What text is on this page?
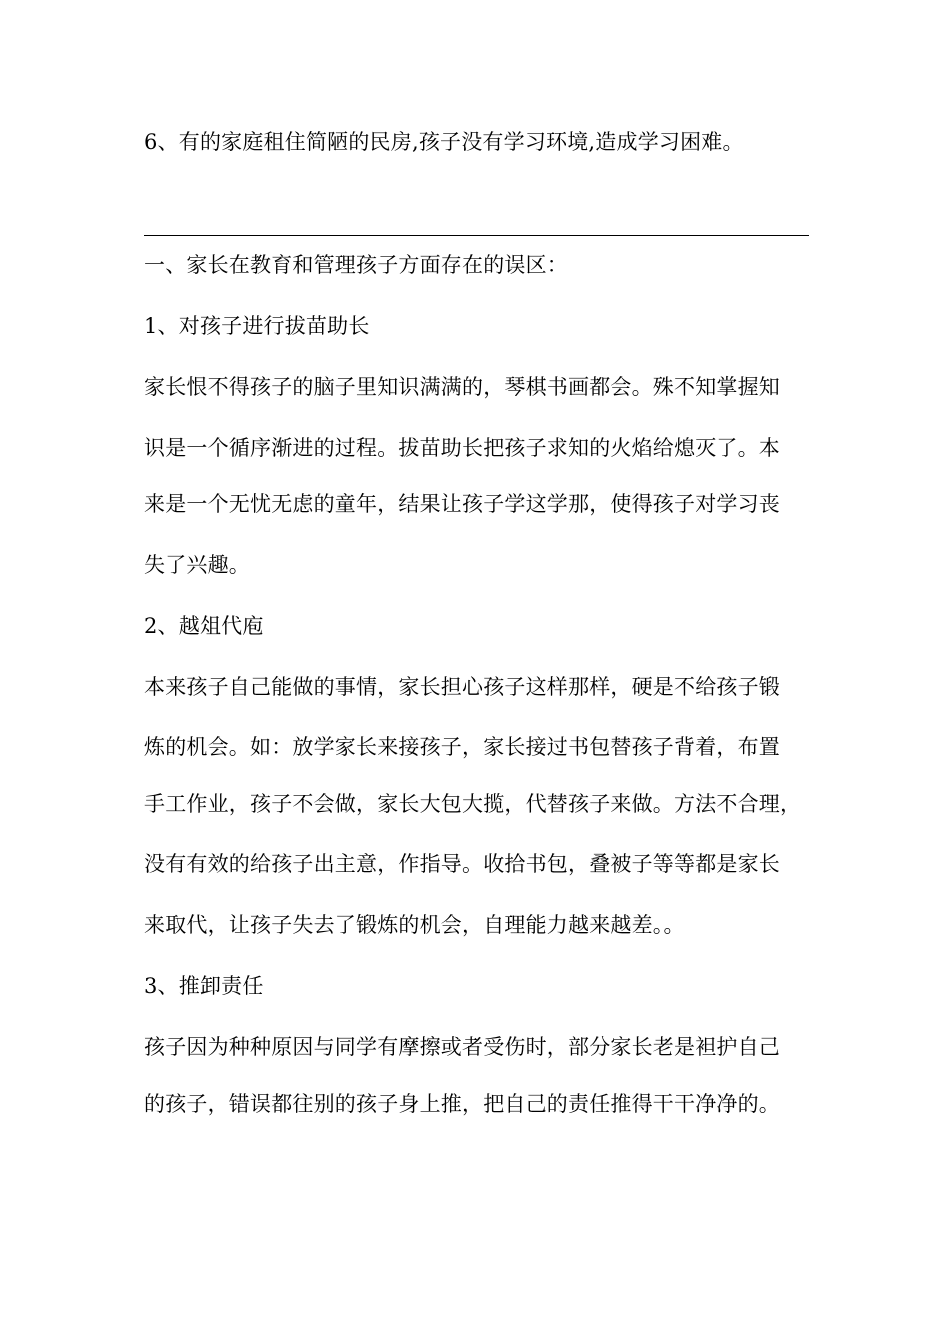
6、有的家庭租住简陋的民房,孩子没有学习环境,造成学习困难。
一、家长在教育和管理孩子方面存在的误区：
1、对孩子进行拔苗助长
家长恨不得孩子的脑子里知识满满的，琴棋书画都会。殊不知掌握知
识是一个循序渐进的过程。拔苗助长把孩子求知的火焰给熄灭了。本
来是一个无忧无虑的童年，结果让孩子学这学那，使得孩子对学习丧
失了兴趣。
2、越俎代庖
本来孩子自己能做的事情，家长担心孩子这样那样，硬是不给孩子锻
炼的机会。如：放学家长来接孩子，家长接过书包替孩子背着，布置
手工作业，孩子不会做，家长大包大揽，代替孩子来做。方法不合理，
没有有效的给孩子出主意，作指导。收拾书包，叠被子等等都是家长
来取代，让孩子失去了锻炼的机会，自理能力越来越差。。
3、推卸责任
孩子因为种种原因与同学有摩擦或者受伤时，部分家长老是袒护自己
的孩子，错误都往别的孩子身上推，把自己的责任推得干干净净的。
